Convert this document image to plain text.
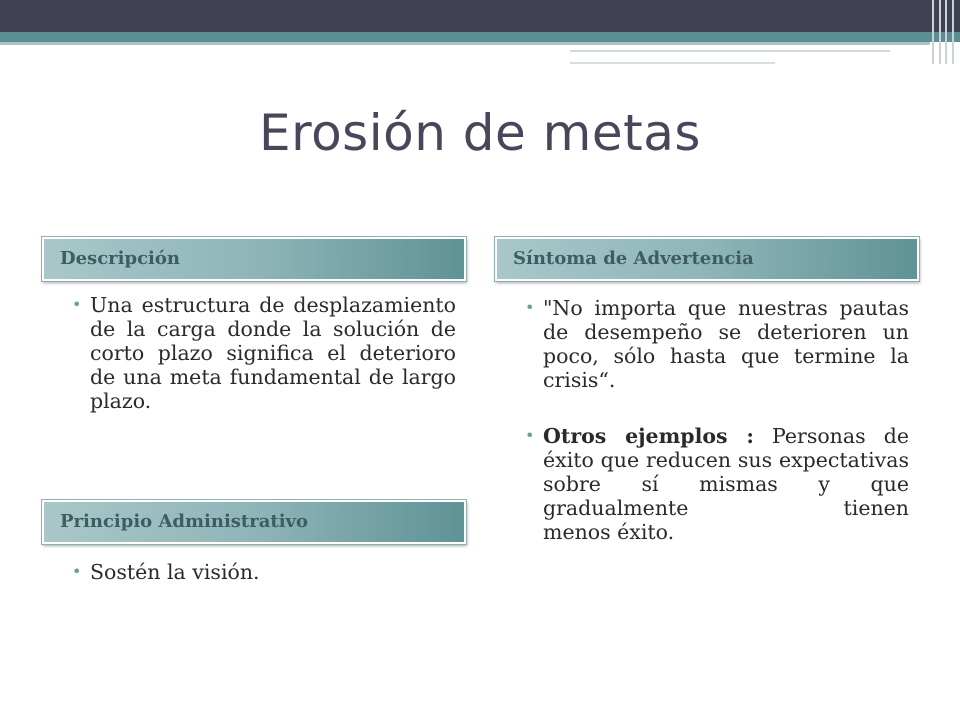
Erosión de metas
Descripción
• Una estructura de desplazamiento de la carga donde la solución de corto plazo significa el deterioro de una meta fundamental de largo plazo.
Síntoma de Advertencia
• "No importa que nuestras pautas de desempeño se deterioren un poco, sólo hasta que termine la crisis“.
• Otros ejemplos : Personas de éxito que reducen sus expectativas sobre sí mismas y que gradualmente tienen
menos éxito.
Principio Administrativo
• Sostén la visión.
